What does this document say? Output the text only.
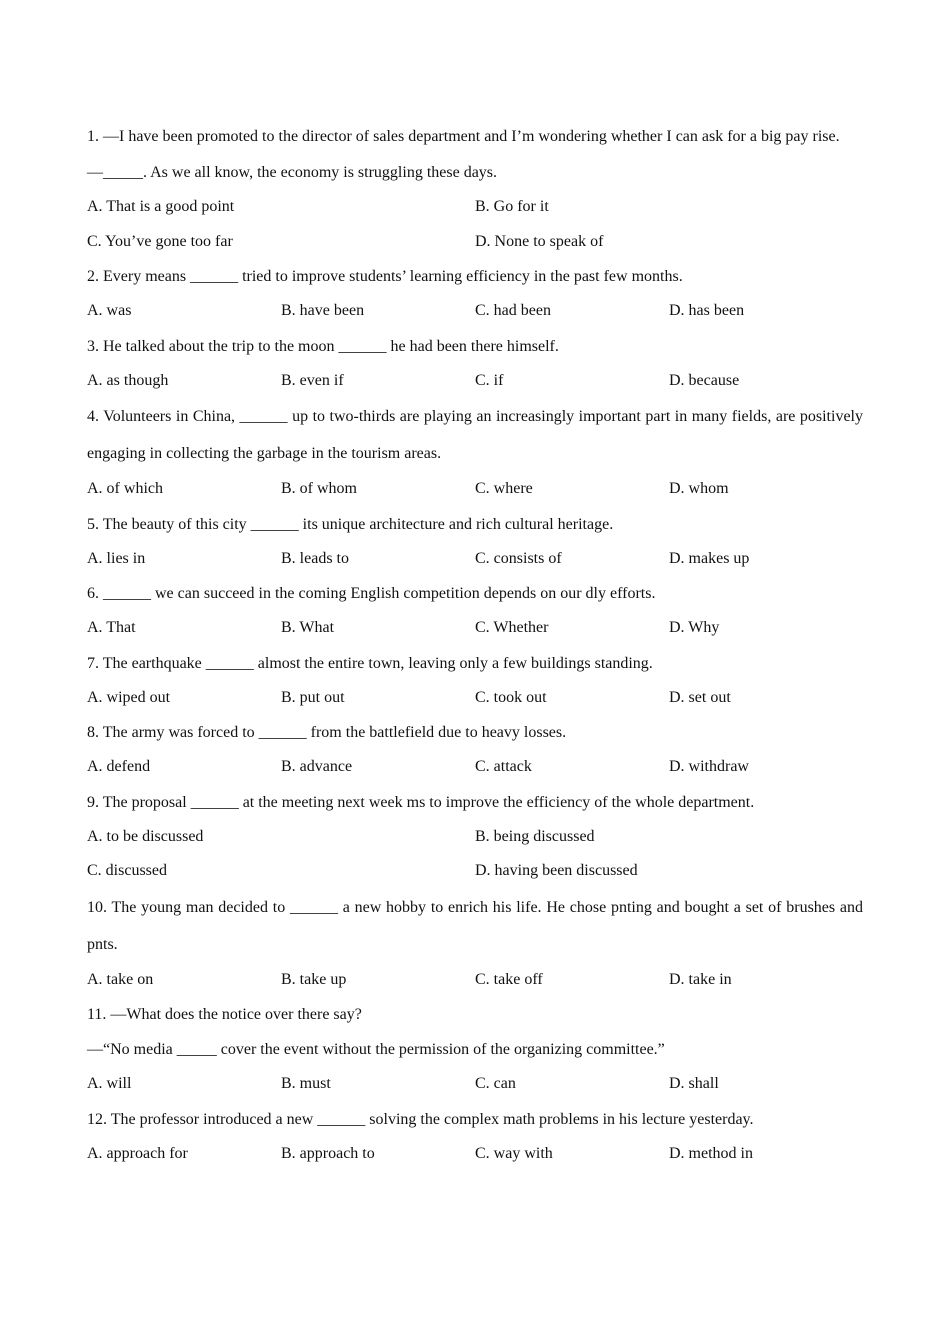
1. —I have been promoted to the director of sales department and I’m wondering whether I can ask for a big pay rise.
—_____. As we all know, the economy is struggling these days.
A. That is a good point	B. Go for it
C. You’ve gone too far	D. None to speak of
2. Every means ______ tried to improve students’ learning efficiency in the past few months.
A. was	B. have been	C. had been	D. has been
3. He talked about the trip to the moon ______ he had been there himself.
A. as though	B. even if	C. if	D. because
4. Volunteers in China, ______ up to two-thirds are playing an increasingly important part in many fields, are positively engaging in collecting the garbage in the tourism areas.
A. of which	B. of whom	C. where	D. whom
5. The beauty of this city ______ its unique architecture and rich cultural heritage.
A. lies in	B. leads to	C. consists of	D. makes up
6. ______ we can succeed in the coming English competition depends on our dly efforts.
A. That	B. What	C. Whether	D. Why
7. The earthquake ______ almost the entire town, leaving only a few buildings standing.
A. wiped out	B. put out	C. took out	D. set out
8. The army was forced to ______ from the battlefield due to heavy losses.
A. defend	B. advance	C. attack	D. withdraw
9. The proposal ______ at the meeting next week ms to improve the efficiency of the whole department.
A. to be discussed	B. being discussed
C. discussed	D. having been discussed
10. The young man decided to ______ a new hobby to enrich his life. He chose pnting and bought a set of brushes and pnts.
A. take on	B. take up	C. take off	D. take in
11. —What does the notice over there say?
—“No media _____ cover the event without the permission of the organizing committee.”
A. will	B. must	C. can	D. shall
12. The professor introduced a new ______ solving the complex math problems in his lecture yesterday.
A. approach for	B. approach to	C. way with	D. method in
